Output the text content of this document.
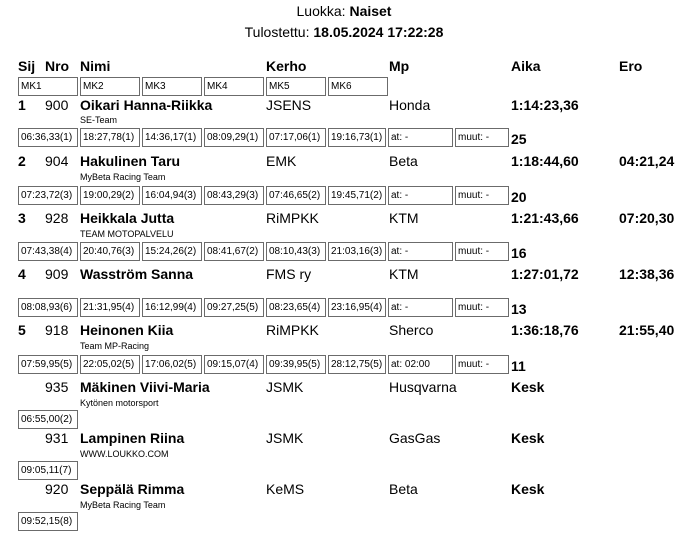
Luokka: Naiset
Tulostettu: 18.05.2024 17:22:28
Sij Nro Nimi	Kerho	Mp	Aika	Ero
MK1	MK2	MK3	MK4	MK5	MK6
1 900 Oikari Hanna-Riikka
SE-Team
JSENS	Honda	1:14:23,36
06:36,33(1)	18:27,78(1)	14:36,17(1)	08:09,29(1)	07:17,06(1)	19:16,73(1) at: -	muut: -	25
2 904 Hakulinen Taru
MyBeta Racing Team
EMK	Beta	1:18:44,60	04:21,24
07:23,72(3)	19:00,29(2)	16:04,94(3)	08:43,29(3)	07:46,65(2)	19:45,71(2) at: -	muut: -	20
3 928 Heikkala Jutta
TEAM MOTOPALVELU
RiMPKK	KTM	1:21:43,66	07:20,30
07:43,38(4)	20:40,76(3)	15:24,26(2)	08:41,67(2)	08:10,43(3)	21:03,16(3) at: -	muut: -	16
4 909 Wasström Sanna	FMS ry	KTM	1:27:01,72	12:38,36
08:08,93(6)	21:31,95(4)	16:12,99(4)	09:27,25(5)	08:23,65(4)	23:16,95(4) at: -	muut: -	13
5 918 Heinonen Kiia
Team MP-Racing
RiMPKK	Sherco	1:36:18,76	21:55,40
07:59,95(5)	22:05,02(5)	17:06,02(5)	09:15,07(4)	09:39,95(5)	28:12,75(5) at: 02:00	muut: -	11
935 Mäkinen Viivi-Maria
Kytönen motorsport
JSMK	Husqvarna	Kesk
06:55,00(2)
931 Lampinen Riina
WWW.LOUKKO.COM
JSMK	GasGas	Kesk
09:05,11(7)
920 Seppälä Rimma
MyBeta Racing Team
KeMS	Beta	Kesk
09:52,15(8)
